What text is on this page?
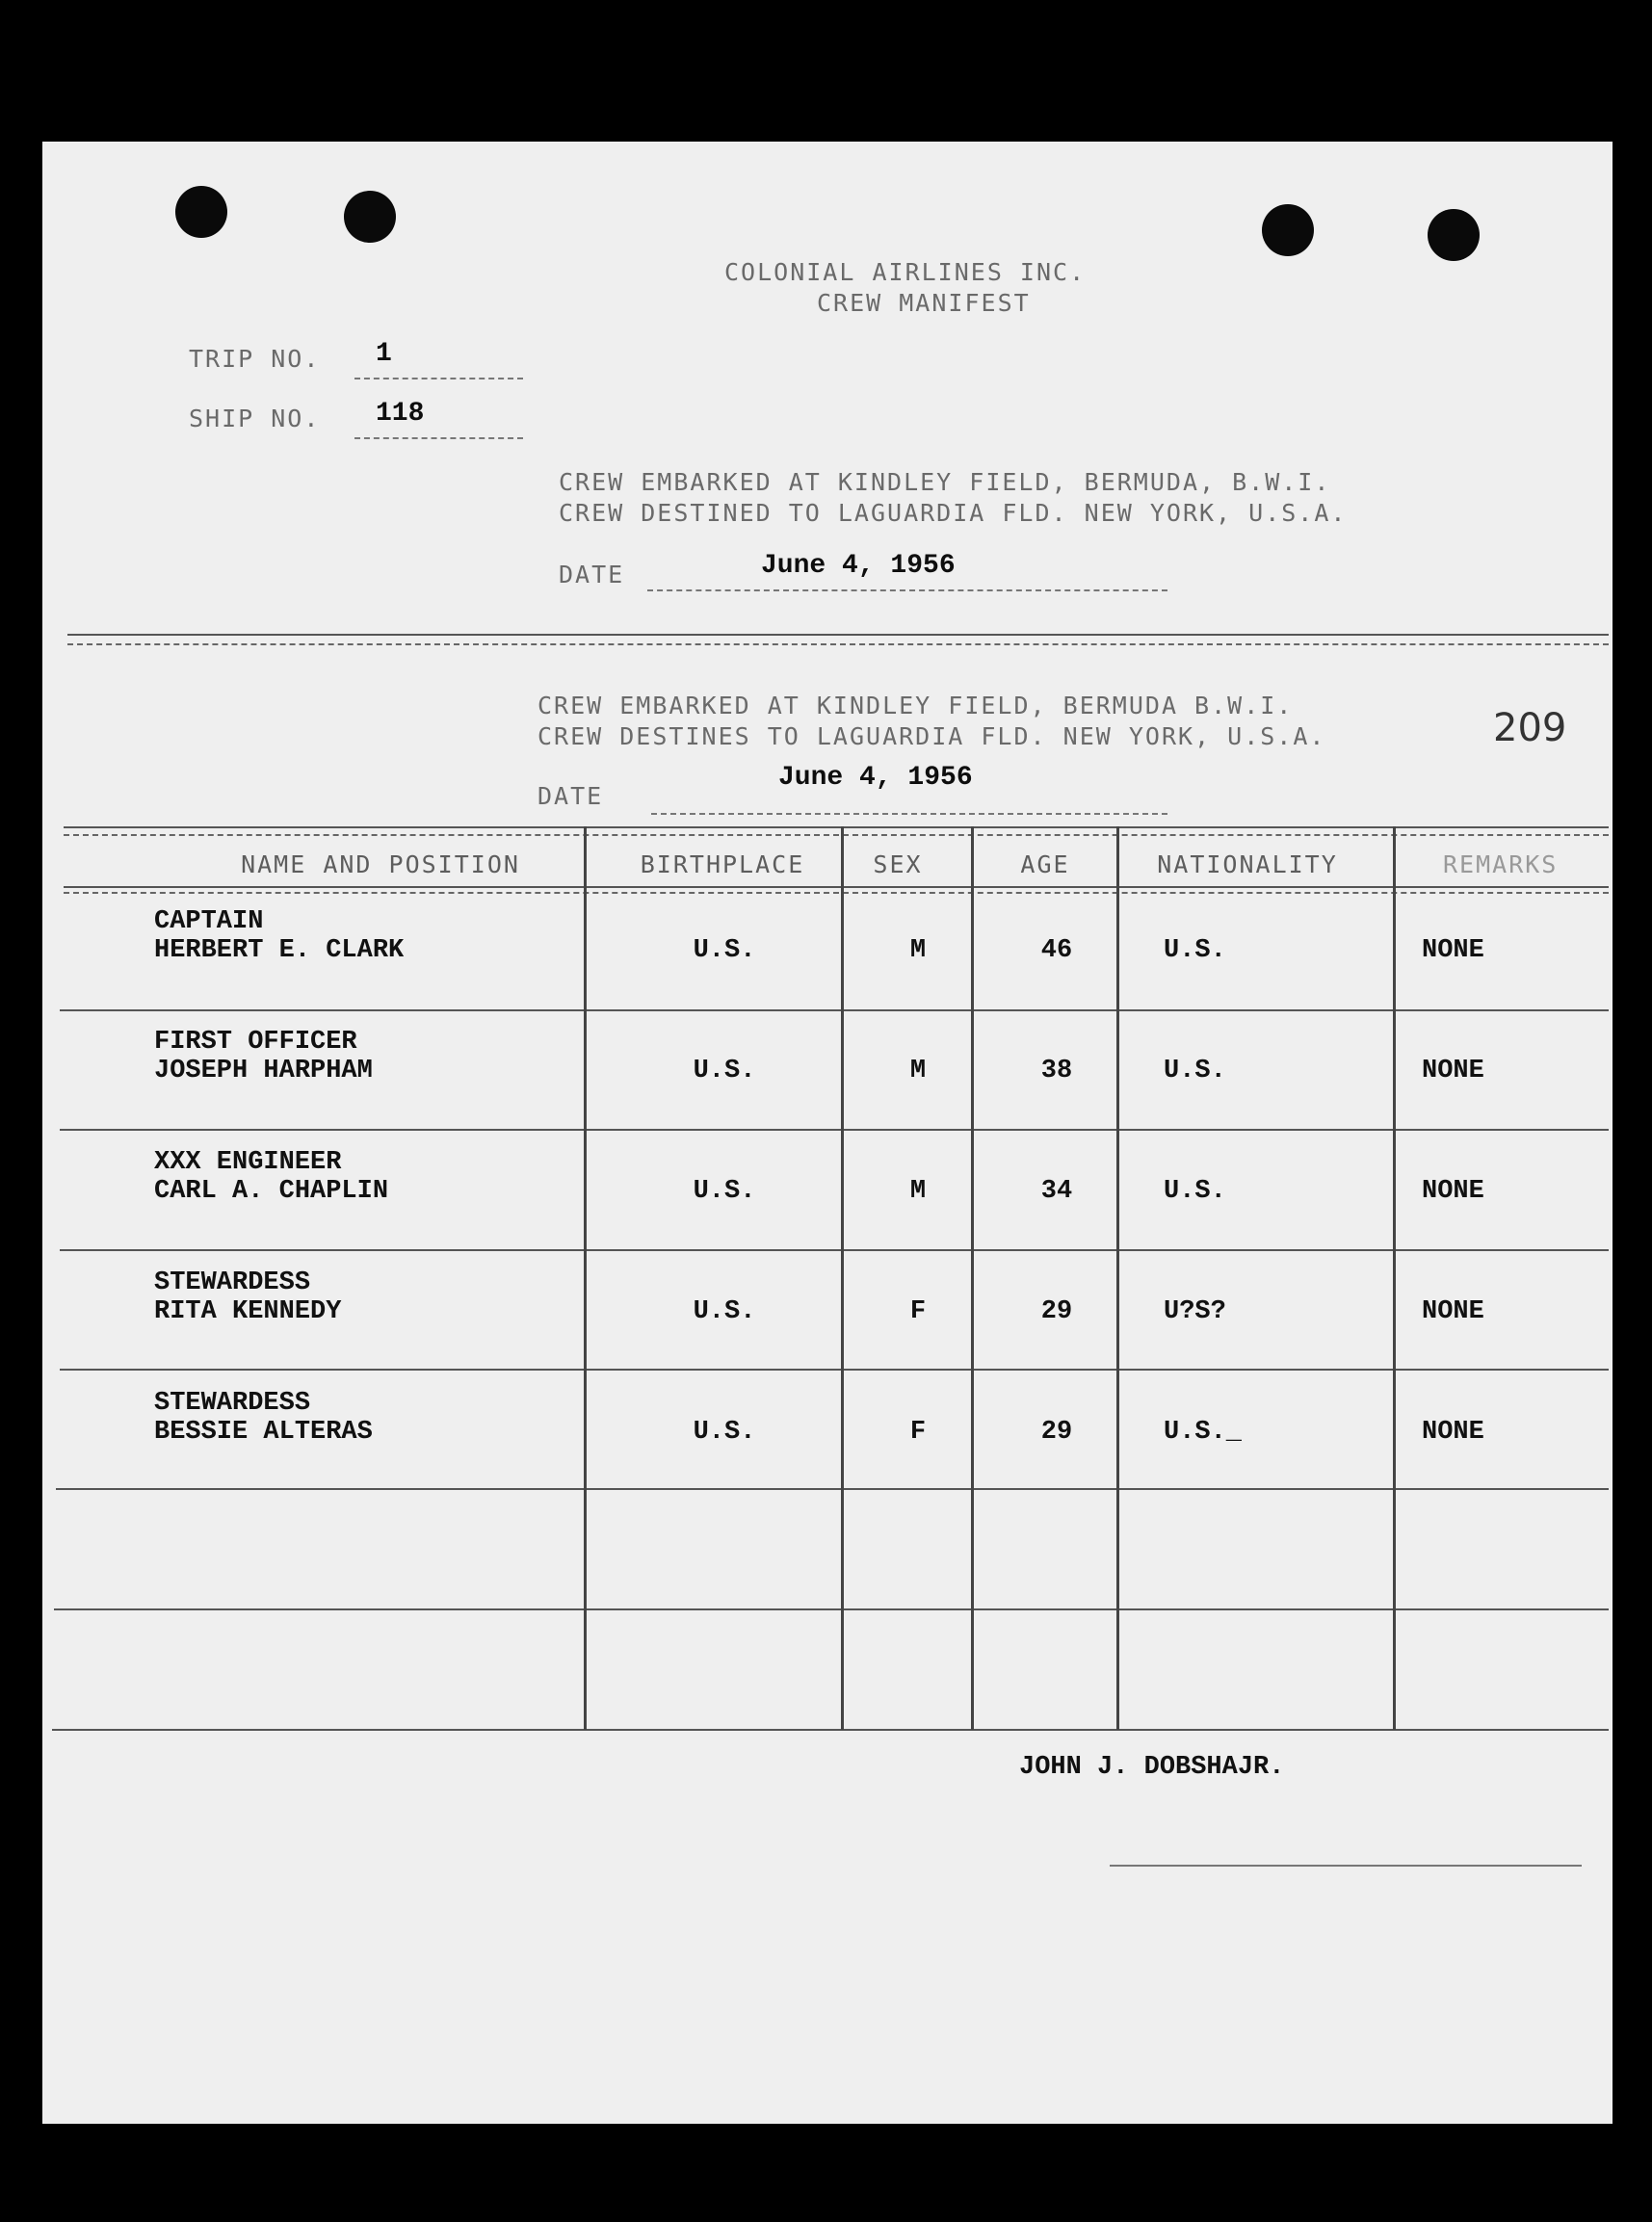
COLONIAL AIRLINES INC.
CREW MANIFEST
TRIP NO. 1
SHIP NO. 118
CREW EMBARKED AT KINDLEY FIELD, BERMUDA, B.W.I.
CREW DESTINED TO LAGUARDIA FLD. NEW YORK, U.S.A.
DATE	June 4, 1956
CREW EMBARKED AT KINDLEY FIELD, BERMUDA B.W.I.
CREW DESTINES TO LAGUARDIA FLD. NEW YORK, U.S.A.	209
DATE
June 4, 1956
NAME AND POSITION	BIRTHPLACE	SEX	AGE	NATIONALITY	REMARKS
CAPTAIN
HERBERT E. CLARK	U.S.	M	46	U.S.	NONE
FIRST OFFICER
JOSEPH HARPHAM	U.S.	M	38	U.S.	NONE
XXX ENGINEER
CARL A. CHAPLIN	U.S.	M	34	U.S.	NONE
STEWARDESS
RITA KENNEDY	U.S.	F	29	U?S?	NONE
STEWARDESS
BESSIE ALTERAS	U.S.	F	29	U.S._	NONE
JOHN J. DOBSHAJR.
